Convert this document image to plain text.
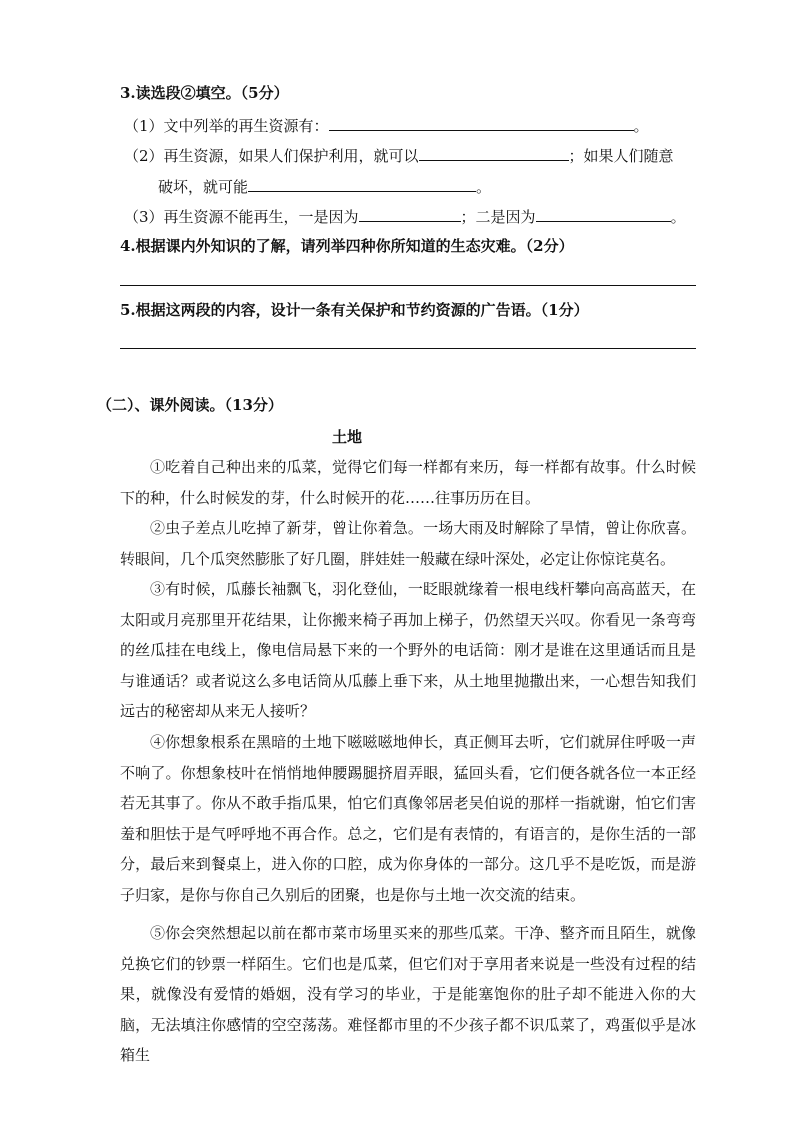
3.读选段②填空。（5分）
（1）文中列举的再生资源有：	。
（2）再生资源，如果人们保护利用，就可以	；如果人们随意
破坏，就可能	。
（3）再生资源不能再生，一是因为	；二是因为	。
4.根据课内外知识的了解，请列举四种你所知道的生态灾难。（2分）
5.根据这两段的内容，设计一条有关保护和节约资源的广告语。（1分）
（二）、课外阅读。（13分）
土地
①吃着自己种出来的瓜菜，觉得它们每一样都有来历，每一样都有故事。什么时候下的种，什么时候发的芽，什么时候开的花……往事历历在目。
②虫子差点儿吃掉了新芽，曾让你着急。一场大雨及时解除了旱情，曾让你欣喜。转眼间，几个瓜突然膨胀了好几圈，胖娃娃一般藏在绿叶深处，必定让你惊诧莫名。
③有时候，瓜藤长袖飘飞，羽化登仙，一眨眼就缘着一根电线杆攀向高高蓝天，在太阳或月亮那里开花结果，让你搬来椅子再加上梯子，仍然望天兴叹。你看见一条弯弯的丝瓜挂在电线上，像电信局悬下来的一个野外的电话筒：刚才是谁在这里通话而且是与谁通话？或者说这么多电话筒从瓜藤上垂下来，从土地里抛撒出来，一心想告知我们远古的秘密却从来无人接听？
④你想象根系在黑暗的土地下嗞嗞嗞地伸长，真正侧耳去听，它们就屏住呼吸一声不响了。你想象枝叶在悄悄地伸腰踢腿挤眉弄眼，猛回头看，它们便各就各位一本正经若无其事了。你从不敢手指瓜果，怕它们真像邻居老吴伯说的那样一指就谢，怕它们害羞和胆怯于是气呼呼地不再合作。总之，它们是有表情的，有语言的，是你生活的一部分，最后来到餐桌上，进入你的口腔，成为你身体的一部分。这几乎不是吃饭，而是游子归家，是你与你自己久别后的团聚，也是你与土地一次交流的结束。
⑤你会突然想起以前在都市菜市场里买来的那些瓜菜。干净、整齐而且陌生，就像兑换它们的钞票一样陌生。它们也是瓜菜，但它们对于享用者来说是一些没有过程的结果，就像没有爱情的婚姻，没有学习的毕业，于是能塞饱你的肚子却不能进入你的大脑，无法填注你感情的空空荡荡。难怪都市里的不少孩子都不识瓜菜了，鸡蛋似乎是冰箱生
